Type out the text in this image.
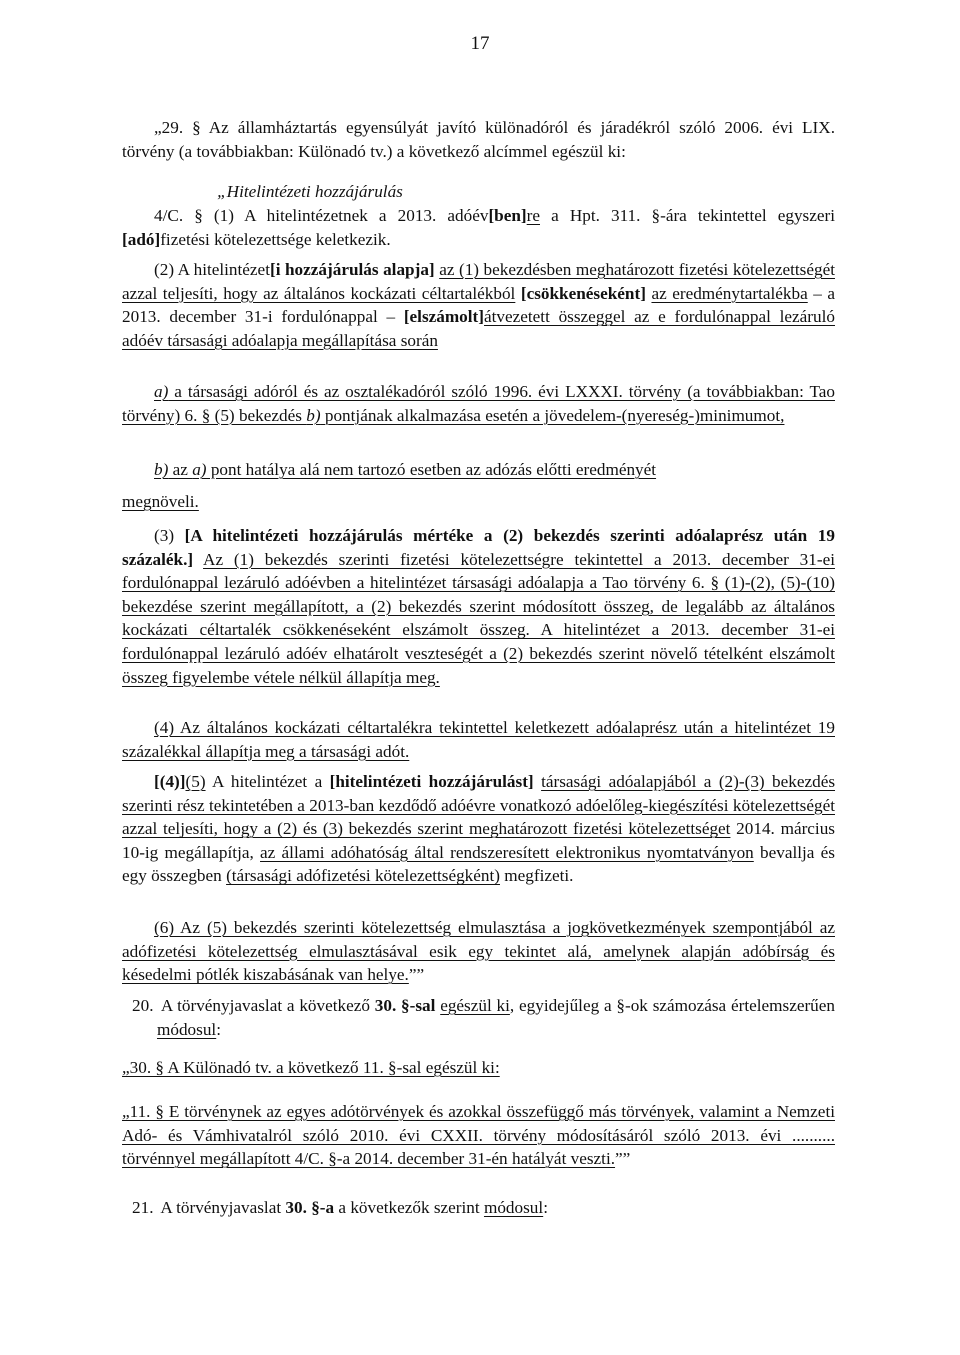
17

„29. § Az államháztartás egyensúlyát javító különadóról és járadékról szóló 2006. évi LIX. törvény (a továbbiakban: Különadó tv.) a következő alcímmel egészül ki:

„Hitelintézeti hozzájárulás

4/C. § (1) A hitelintézetnek a 2013. adóév[ben]re a Hpt. 311. §-ára tekintettel egyszeri [adó]fizetési kötelezettsége keletkezik.

(2) A hitelintézet[i hozzájárulás alapja] az (1) bekezdésben meghatározott fizetési kötelezettségét azzal teljesíti, hogy az általános kockázati céltartalékból [csökkenéseként] az eredménytartalékba – a 2013. december 31-i fordulónappal – [elszámolt]átvezetett összeggel az e fordulónappal lezáruló adóév társasági adóalapja megállapítása során

a) a társasági adóról és az osztalékadóról szóló 1996. évi LXXXI. törvény (a továbbiakban: Tao törvény) 6. § (5) bekezdés b) pontjának alkalmazása esetén a jövedelem-(nyereség-)minimumot,

b) az a) pont hatálya alá nem tartozó esetben az adózás előtti eredményét

megnöveli.

(3) [A hitelintézeti hozzájárulás mértéke a (2) bekezdés szerinti adóalaprész után 19 százalék.] Az (1) bekezdés szerinti fizetési kötelezettségre tekintettel a 2013. december 31-ei fordulónappal lezáruló adóévben a hitelintézet társasági adóalapja a Tao törvény 6. § (1)-(2), (5)-(10) bekezdése szerint megállapított, a (2) bekezdés szerint módosított összeg, de legalább az általános kockázati céltartalék csökkenéseként elszámolt összeg. A hitelintézet a 2013. december 31-ei fordulónappal lezáruló adóév elhatárolt veszteségét a (2) bekezdés szerint növelő tételként elszámolt összeg figyelembe vétele nélkül állapítja meg.

(4) Az általános kockázati céltartalékra tekintettel keletkezett adóalaprész után a hitelintézet 19 százalékkal állapítja meg a társasági adót.

[(4)](5) A hitelintézet a [hitelintézeti hozzájárulást] társasági adóalapjából a (2)-(3) bekezdés szerinti rész tekintetében a 2013-ban kezdődő adóévre vonatkozó adóelőleg-kiegészítési kötelezettségét azzal teljesíti, hogy a (2) és (3) bekezdés szerint meghatározott fizetési kötelezettséget 2014. március 10-ig megállapítja, az állami adóhatóság által rendszeresített elektronikus nyomtatványon bevallja és egy összegben (társasági adófizetési kötelezettségként) megfizeti.

(6) Az (5) bekezdés szerinti kötelezettség elmulasztása a jogkövetkezmények szempontjából az adófizetési kötelezettség elmulasztásával esik egy tekintet alá, amelynek alapján adóbírság és késedelmi pótlék kiszabásának van helye.””

20. A törvényjavaslat a következő 30. §-sal egészül ki, egyidejűleg a §-ok számozása értelemszerűen módosul:

„30. § A Különadó tv. a következő 11. §-sal egészül ki:

„11. § E törvénynek az egyes adótörvények és azokkal összefüggő más törvények, valamint a Nemzeti Adó- és Vámhivatalról szóló 2010. évi CXXII. törvény módosításáról szóló 2013. évi .......... törvénnyel megállapított 4/C. §-a 2014. december 31-én hatályát veszti.””

21. A törvényjavaslat 30. §-a a következők szerint módosul:
